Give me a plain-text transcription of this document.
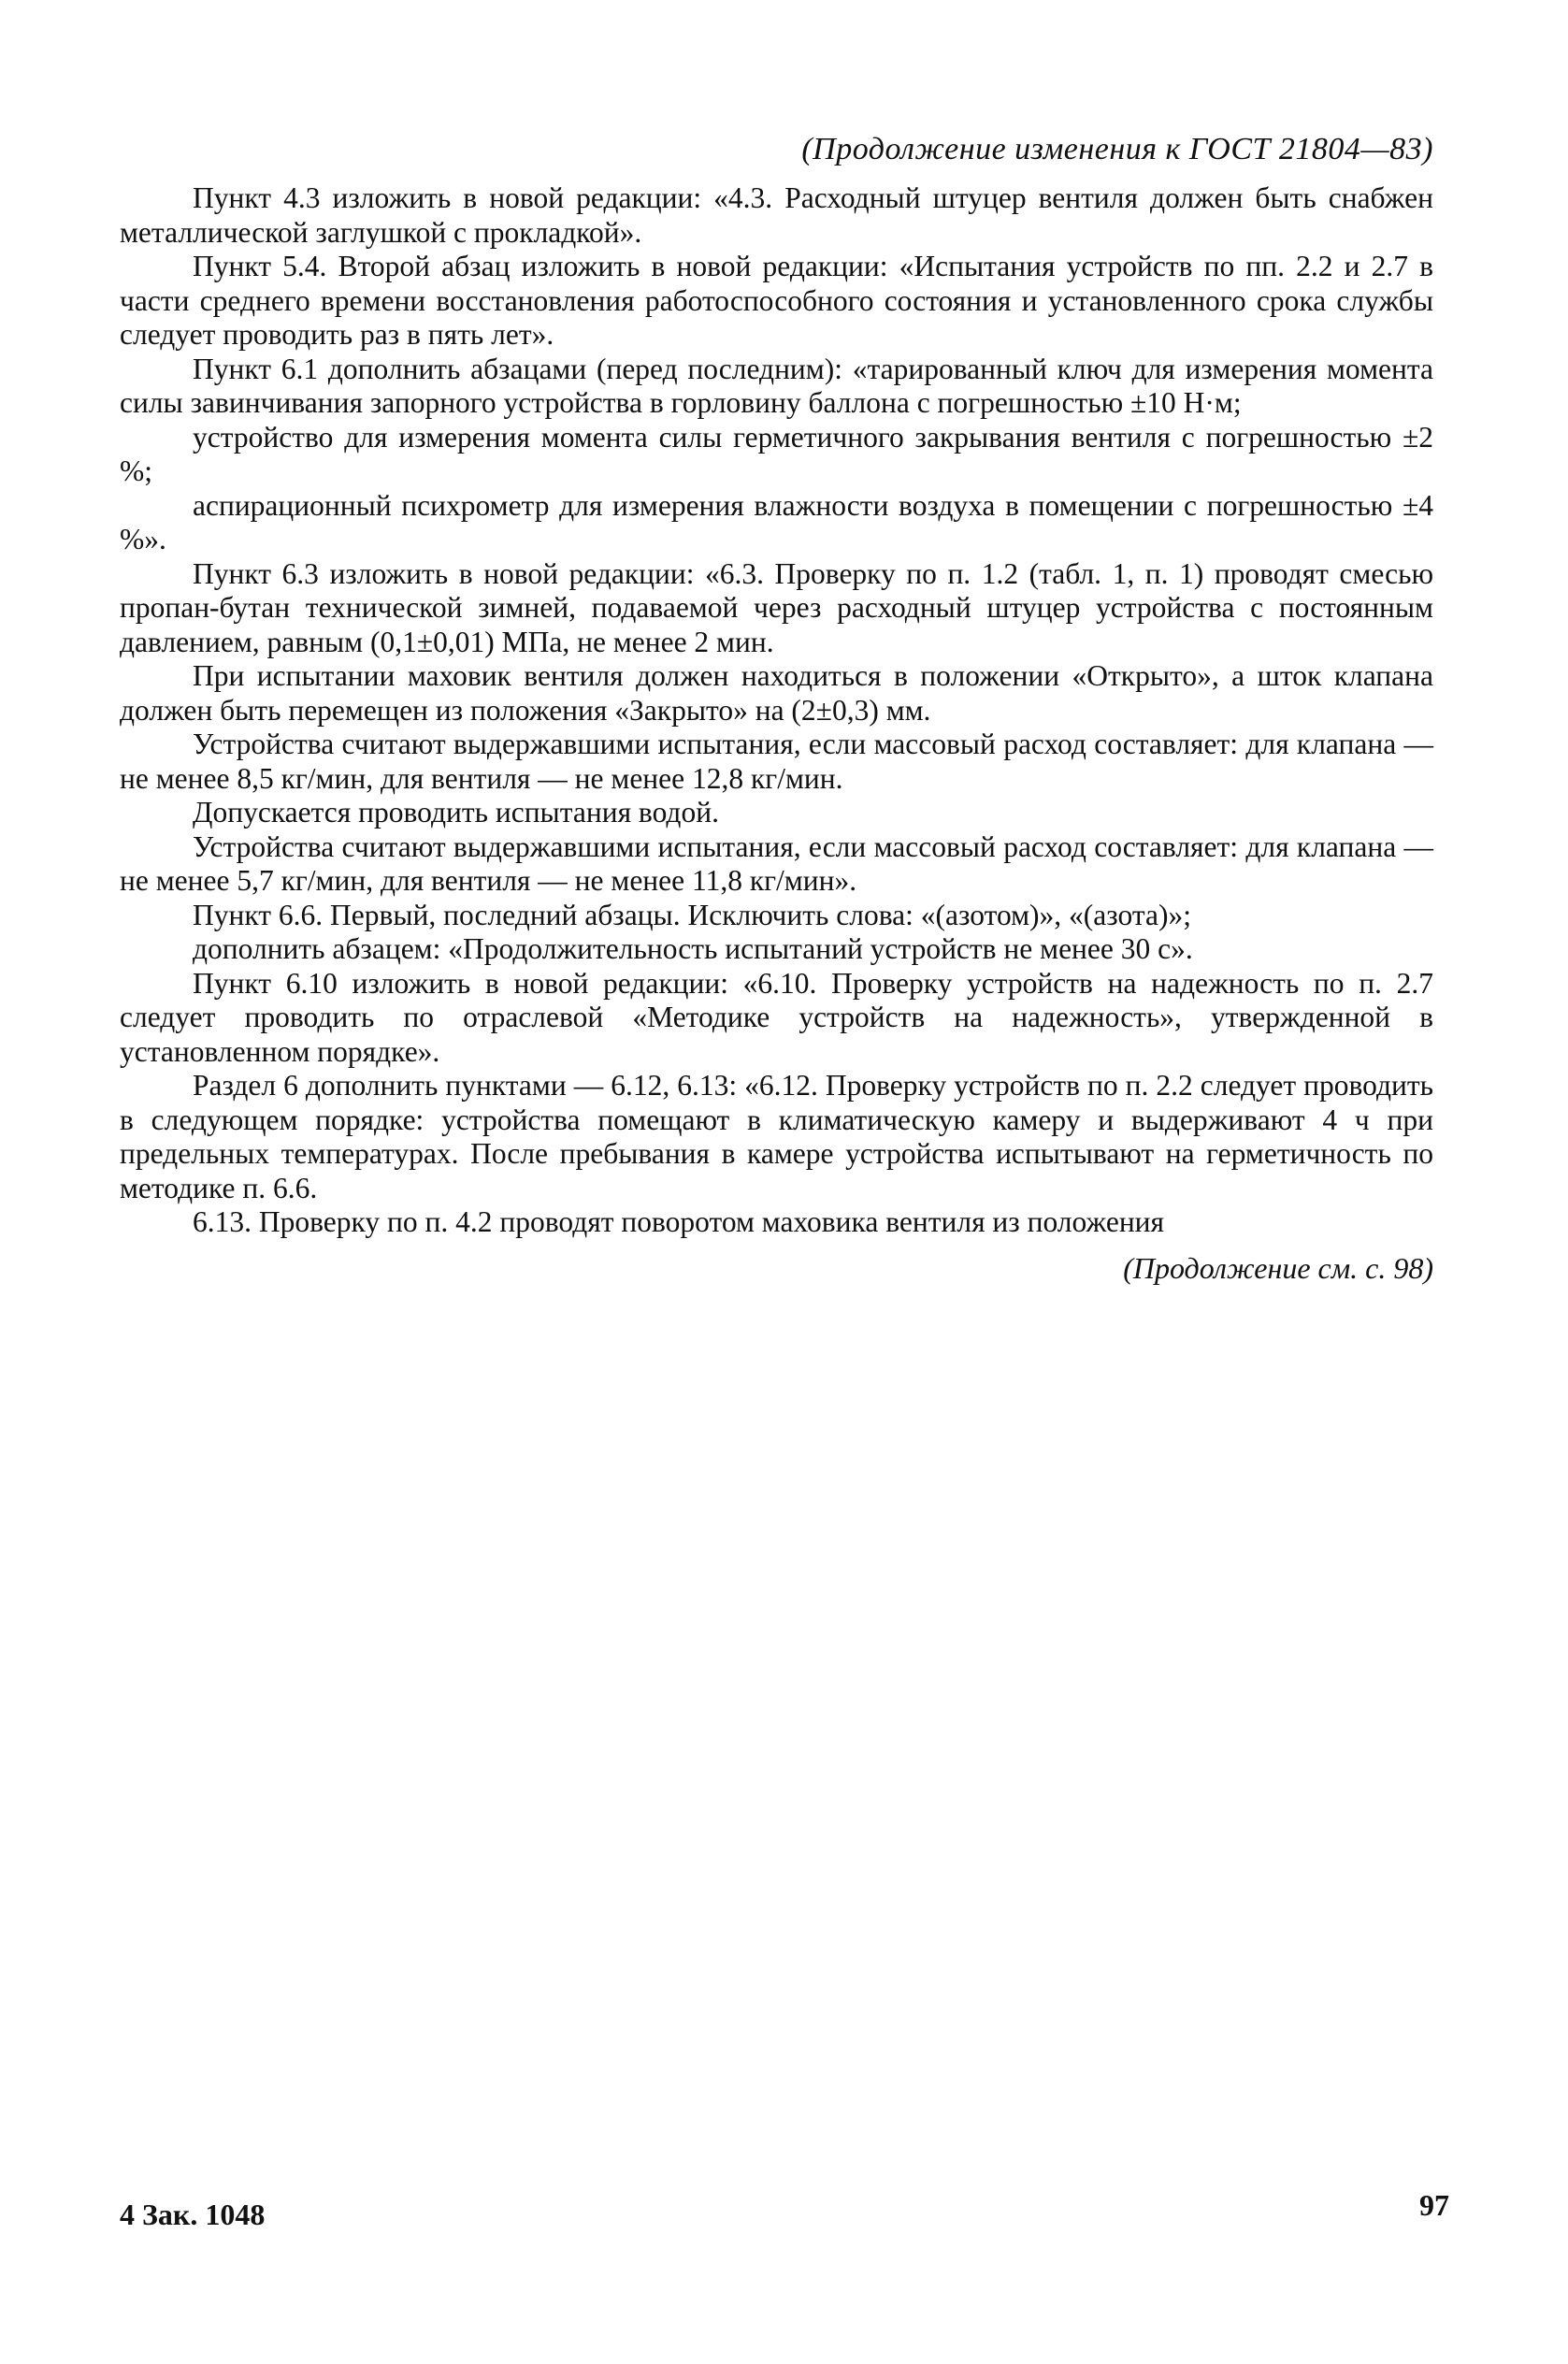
(Продолжение изменения к ГОСТ 21804—83)

Пункт 4.3 изложить в новой редакции: «4.3. Расходный штуцер вентиля должен быть снабжен металлической заглушкой с прокладкой».

Пункт 5.4. Второй абзац изложить в новой редакции: «Испытания устройств по пп. 2.2 и 2.7 в части среднего времени восстановления работоспособного состояния и установленного срока службы следует проводить раз в пять лет».

Пункт 6.1 дополнить абзацами (перед последним): «тарированный ключ для измерения момента силы завинчивания запорного устройства в горловину баллона с погрешностью ±10 Н·м;

устройство для измерения момента силы герметичного закрывания вентиля с погрешностью ±2 %;

аспирационный психрометр для измерения влажности воздуха в помещении с погрешностью ±4 %».

Пункт 6.3 изложить в новой редакции: «6.3. Проверку по п. 1.2 (табл. 1, п. 1) проводят смесью пропан-бутан технической зимней, подаваемой через расходный штуцер устройства с постоянным давлением, равным (0,1±0,01) МПа, не менее 2 мин.

При испытании маховик вентиля должен находиться в положении «Открыто», а шток клапана должен быть перемещен из положения «Закрыто» на (2±0,3) мм.

Устройства считают выдержавшими испытания, если массовый расход составляет: для клапана — не менее 8,5 кг/мин, для вентиля — не менее 12,8 кг/мин.

Допускается проводить испытания водой.

Устройства считают выдержавшими испытания, если массовый расход составляет: для клапана — не менее 5,7 кг/мин, для вентиля — не менее 11,8 кг/мин».

Пункт 6.6. Первый, последний абзацы. Исключить слова: «(азотом)», «(азота)»;

дополнить абзацем: «Продолжительность испытаний устройств не менее 30 с».

Пункт 6.10 изложить в новой редакции: «6.10. Проверку устройств на надежность по п. 2.7 следует проводить по отраслевой «Методике устройств на надежность», утвержденной в установленном порядке».

Раздел 6 дополнить пунктами — 6.12, 6.13: «6.12. Проверку устройств по п. 2.2 следует проводить в следующем порядке: устройства помещают в климатическую камеру и выдерживают 4 ч при предельных температурах. После пребывания в камере устройства испытывают на герметичность по методике п. 6.6.

6.13. Проверку по п. 4.2 проводят поворотом маховика вентиля из положения

(Продолжение см. с. 98)
4 Зак. 1048	97
